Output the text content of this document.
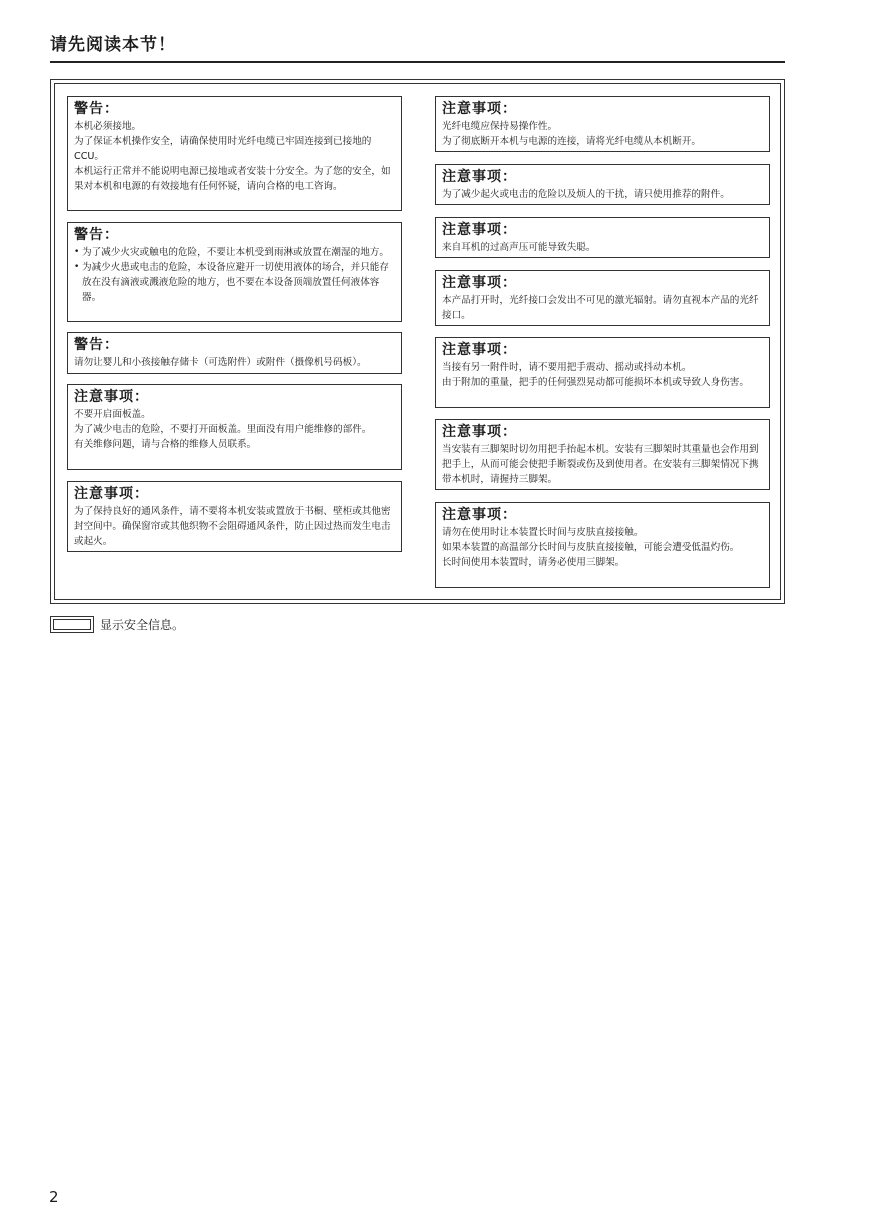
请先阅读本节！
警告：

本机必须接地。

为了保证本机操作安全，请确保使用时光纤电缆已牢固连接到已接地的CCU。

本机运行正常并不能说明电源已接地或者安装十分安全。为了您的安全，如果对本机和电源的有效接地有任何怀疑，请向合格的电工咨询。

警告：
• 为了减少火灾或触电的危险，不要让本机受到雨淋或放置在潮湿的地方。
• 为减少火患或电击的危险，本设备应避开一切使用液体的场合，并只能存放在没有滴液或溅液危险的地方，也不要在本设备顶端放置任何液体容器。
警告：

请勿让婴儿和小孩接触存储卡（可选附件）或附件（摄像机号码板）。

注意事项：

不要开启面板盖。

为了减少电击的危险，不要打开面板盖。里面没有用户能维修的部件。

有关维修问题，请与合格的维修人员联系。

注意事项：

为了保持良好的通风条件，请不要将本机安装或置放于书橱、壁柜或其他密封空间中。确保窗帘或其他织物不会阻碍通风条件，防止因过热而发生电击或起火。

注意事项：

光纤电缆应保持易操作性。

为了彻底断开本机与电源的连接，请将光纤电缆从本机断开。

注意事项：

为了减少起火或电击的危险以及烦人的干扰，请只使用推荐的附件。

注意事项：

来自耳机的过高声压可能导致失聪。

注意事项：

本产品打开时，光纤接口会发出不可见的激光辐射。请勿直视本产品的光纤接口。

注意事项：

当接有另一附件时，请不要用把手震动、摇动或抖动本机。

由于附加的重量，把手的任何强烈晃动都可能损坏本机或导致人身伤害。

注意事项：

当安装有三脚架时切勿用把手抬起本机。安装有三脚架时其重量也会作用到把手上，从而可能会使把手断裂或伤及到使用者。在安装有三脚架情况下携带本机时，请握持三脚架。

注意事项：

请勿在使用时让本装置长时间与皮肤直接接触。

如果本装置的高温部分长时间与皮肤直接接触，可能会遭受低温灼伤。

长时间使用本装置时，请务必使用三脚架。

显示安全信息。
2
